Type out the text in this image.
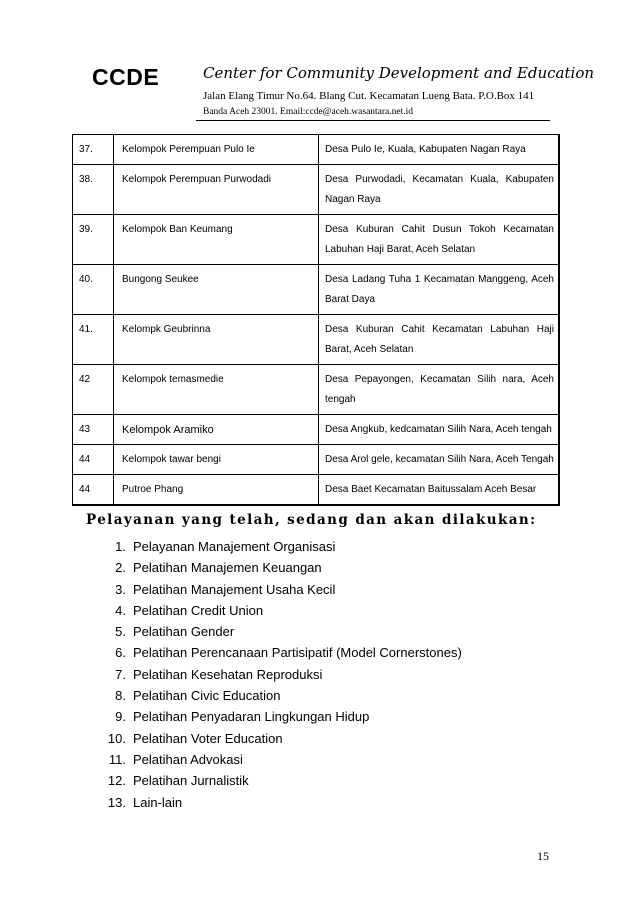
CCDE	Center for Community Development and Education
Jalan Elang Timur No.64. Blang Cut. Kecamatan Lueng Bata. P.O.Box 141
Banda Aceh 23001. Email:ccde@aceh.wasantara.net.id
37.	Kelompok Perempuan Pulo Ie	Desa Pulo Ie, Kuala, Kabupaten Nagan Raya
38.	Kelompok Perempuan Purwodadi	Desa Purwodadi, Kecamatan Kuala, Kabupaten Nagan Raya
39.	Kelompok Ban Keumang	Desa Kuburan Cahit Dusun Tokoh Kecamatan Labuhan Haji Barat, Aceh Selatan
40.	Bungong Seukee	Desa Ladang Tuha 1 Kecamatan Manggeng, Aceh Barat Daya
41.	Kelompk Geubrinna	Desa Kuburan Cahit Kecamatan Labuhan Haji Barat, Aceh Selatan
42	Kelompok temasmedie	Desa Pepayongen, Kecamatan Silih nara, Aceh tengah
43	Kelompok Aramiko	Desa Angkub, kedcamatan Silih Nara, Aceh tengah
44	Kelompok tawar bengi	Desa Arol gele, kecamatan Silih Nara, Aceh Tengah
44	Putroe Phang	Desa Baet Kecamatan Baitussalam Aceh Besar
Pelayanan yang telah, sedang dan akan dilakukan:
1. Pelayanan Manajement Organisasi
2. Pelatihan Manajemen Keuangan
3. Pelatihan Manajement Usaha Kecil
4. Pelatihan Credit Union
5. Pelatihan Gender
6. Pelatihan Perencanaan Partisipatif (Model Cornerstones)
7. Pelatihan Kesehatan Reproduksi
8. Pelatihan Civic Education
9. Pelatihan Penyadaran Lingkungan Hidup
10. Pelatihan Voter Education
11. Pelatihan Advokasi
12. Pelatihan Jurnalistik
13. Lain-lain
15
